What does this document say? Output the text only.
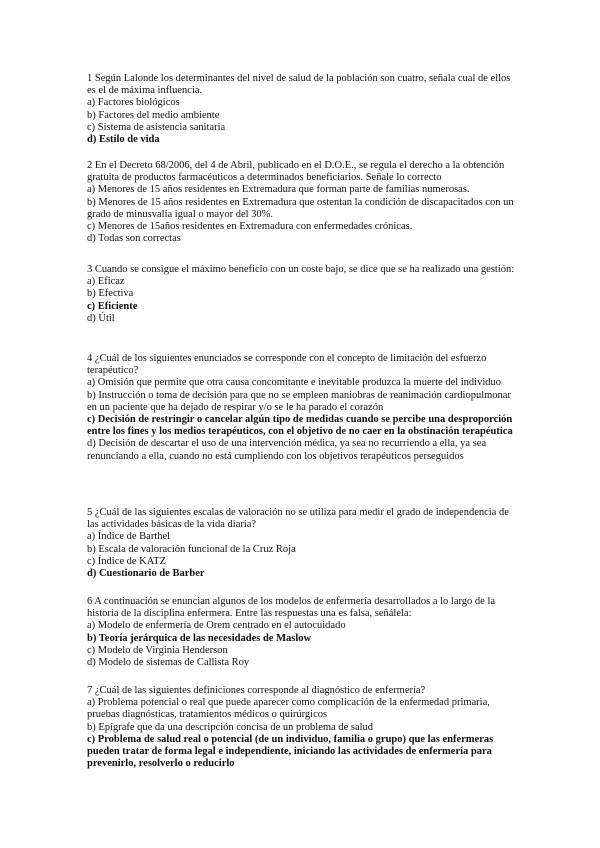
1 Según Lalonde los determinantes del nivel de salud de la población son cuatro, señala cual de ellos es el de máxima influencia.

a) Factores biológicos

b) Factores del medio ambiente

c) Sistema de asistencia sanitaria

d) Estilo de vida

2 En el Decreto 68/2006, del 4 de Abril, publicado en el D.O.E., se regula el derecho a la obtención gratuita de productos farmacéuticos a determinados beneficiarios. Señale lo correcto

a) Menores de 15 años residentes en Extremadura que forman parte de familias numerosas.

b) Menores de 15 años residentes en Extremadura que ostentan la condición de discapacitados con un grado de minusvalía igual o mayor del 30%.

c) Menores de 15años residentes en Extremadura con enfermedades crónicas.

d) Todas son correctas

3 Cuando se consigue el máximo beneficio con un coste bajo, se dice que se ha realizado una gestión:

a) Eficaz

b) Efectiva

c) Eficiente

d) Útil

4 ¿Cuál de los siguientes enunciados se corresponde con el concepto de limitación del esfuerzo terapéutico?

a) Omisión que permite que otra causa concomitante e inevitable produzca la muerte del individuo

b) Instrucción o toma de decisión para que no se empleen maniobras de reanimación cardiopulmonar en un paciente que ha dejado de respirar y/o se le ha parado el corazón

c) Decisión de restringir o cancelar algún tipo de medidas cuando se percibe una desproporción entre los fines y los medios terapéuticos, con el objetivo de no caer en la obstinación terapéutica

d) Decisión de descartar el uso de una intervención médica, ya sea no recurriendo a ella, ya sea renunciando a ella, cuando no está cumpliendo con los objetivos terapéuticos perseguidos

5 ¿Cuál de las siguientes escalas de valoración no se utiliza para medir el grado de independencia de las actividades básicas de la vida diaria?

a) Índice de Barthel

b) Escala de valoración funcional de la Cruz Roja

c) Índice de KATZ

d) Cuestionario de Barber

6 A continuación se enuncian algunos de los modelos de enfermería desarrollados a lo largo de la historia de la disciplina enfermera. Entre las respuestas una es falsa, señálela:

a) Modelo de enfermería de Orem centrado en el autocuidado

b) Teoría jerárquica de las necesidades de Maslow

c) Modelo de Virginia Henderson

d) Modelo de sistemas de Callista Roy

7 ¿Cuál de las siguientes definiciones corresponde al diagnóstico de enfermería?

a) Problema potencial o real que puede aparecer como complicación de la enfermedad primaria, pruebas diagnósticas, tratamientos médicos o quirúrgicos

b) Epígrafe que da una descripción concisa de un problema de salud

c) Problema de salud real o potencial (de un individuo, familia o grupo) que las enfermeras pueden tratar de forma legal e independiente, iniciando las actividades de enfermería para prevenirlo, resolverlo o reducirlo
